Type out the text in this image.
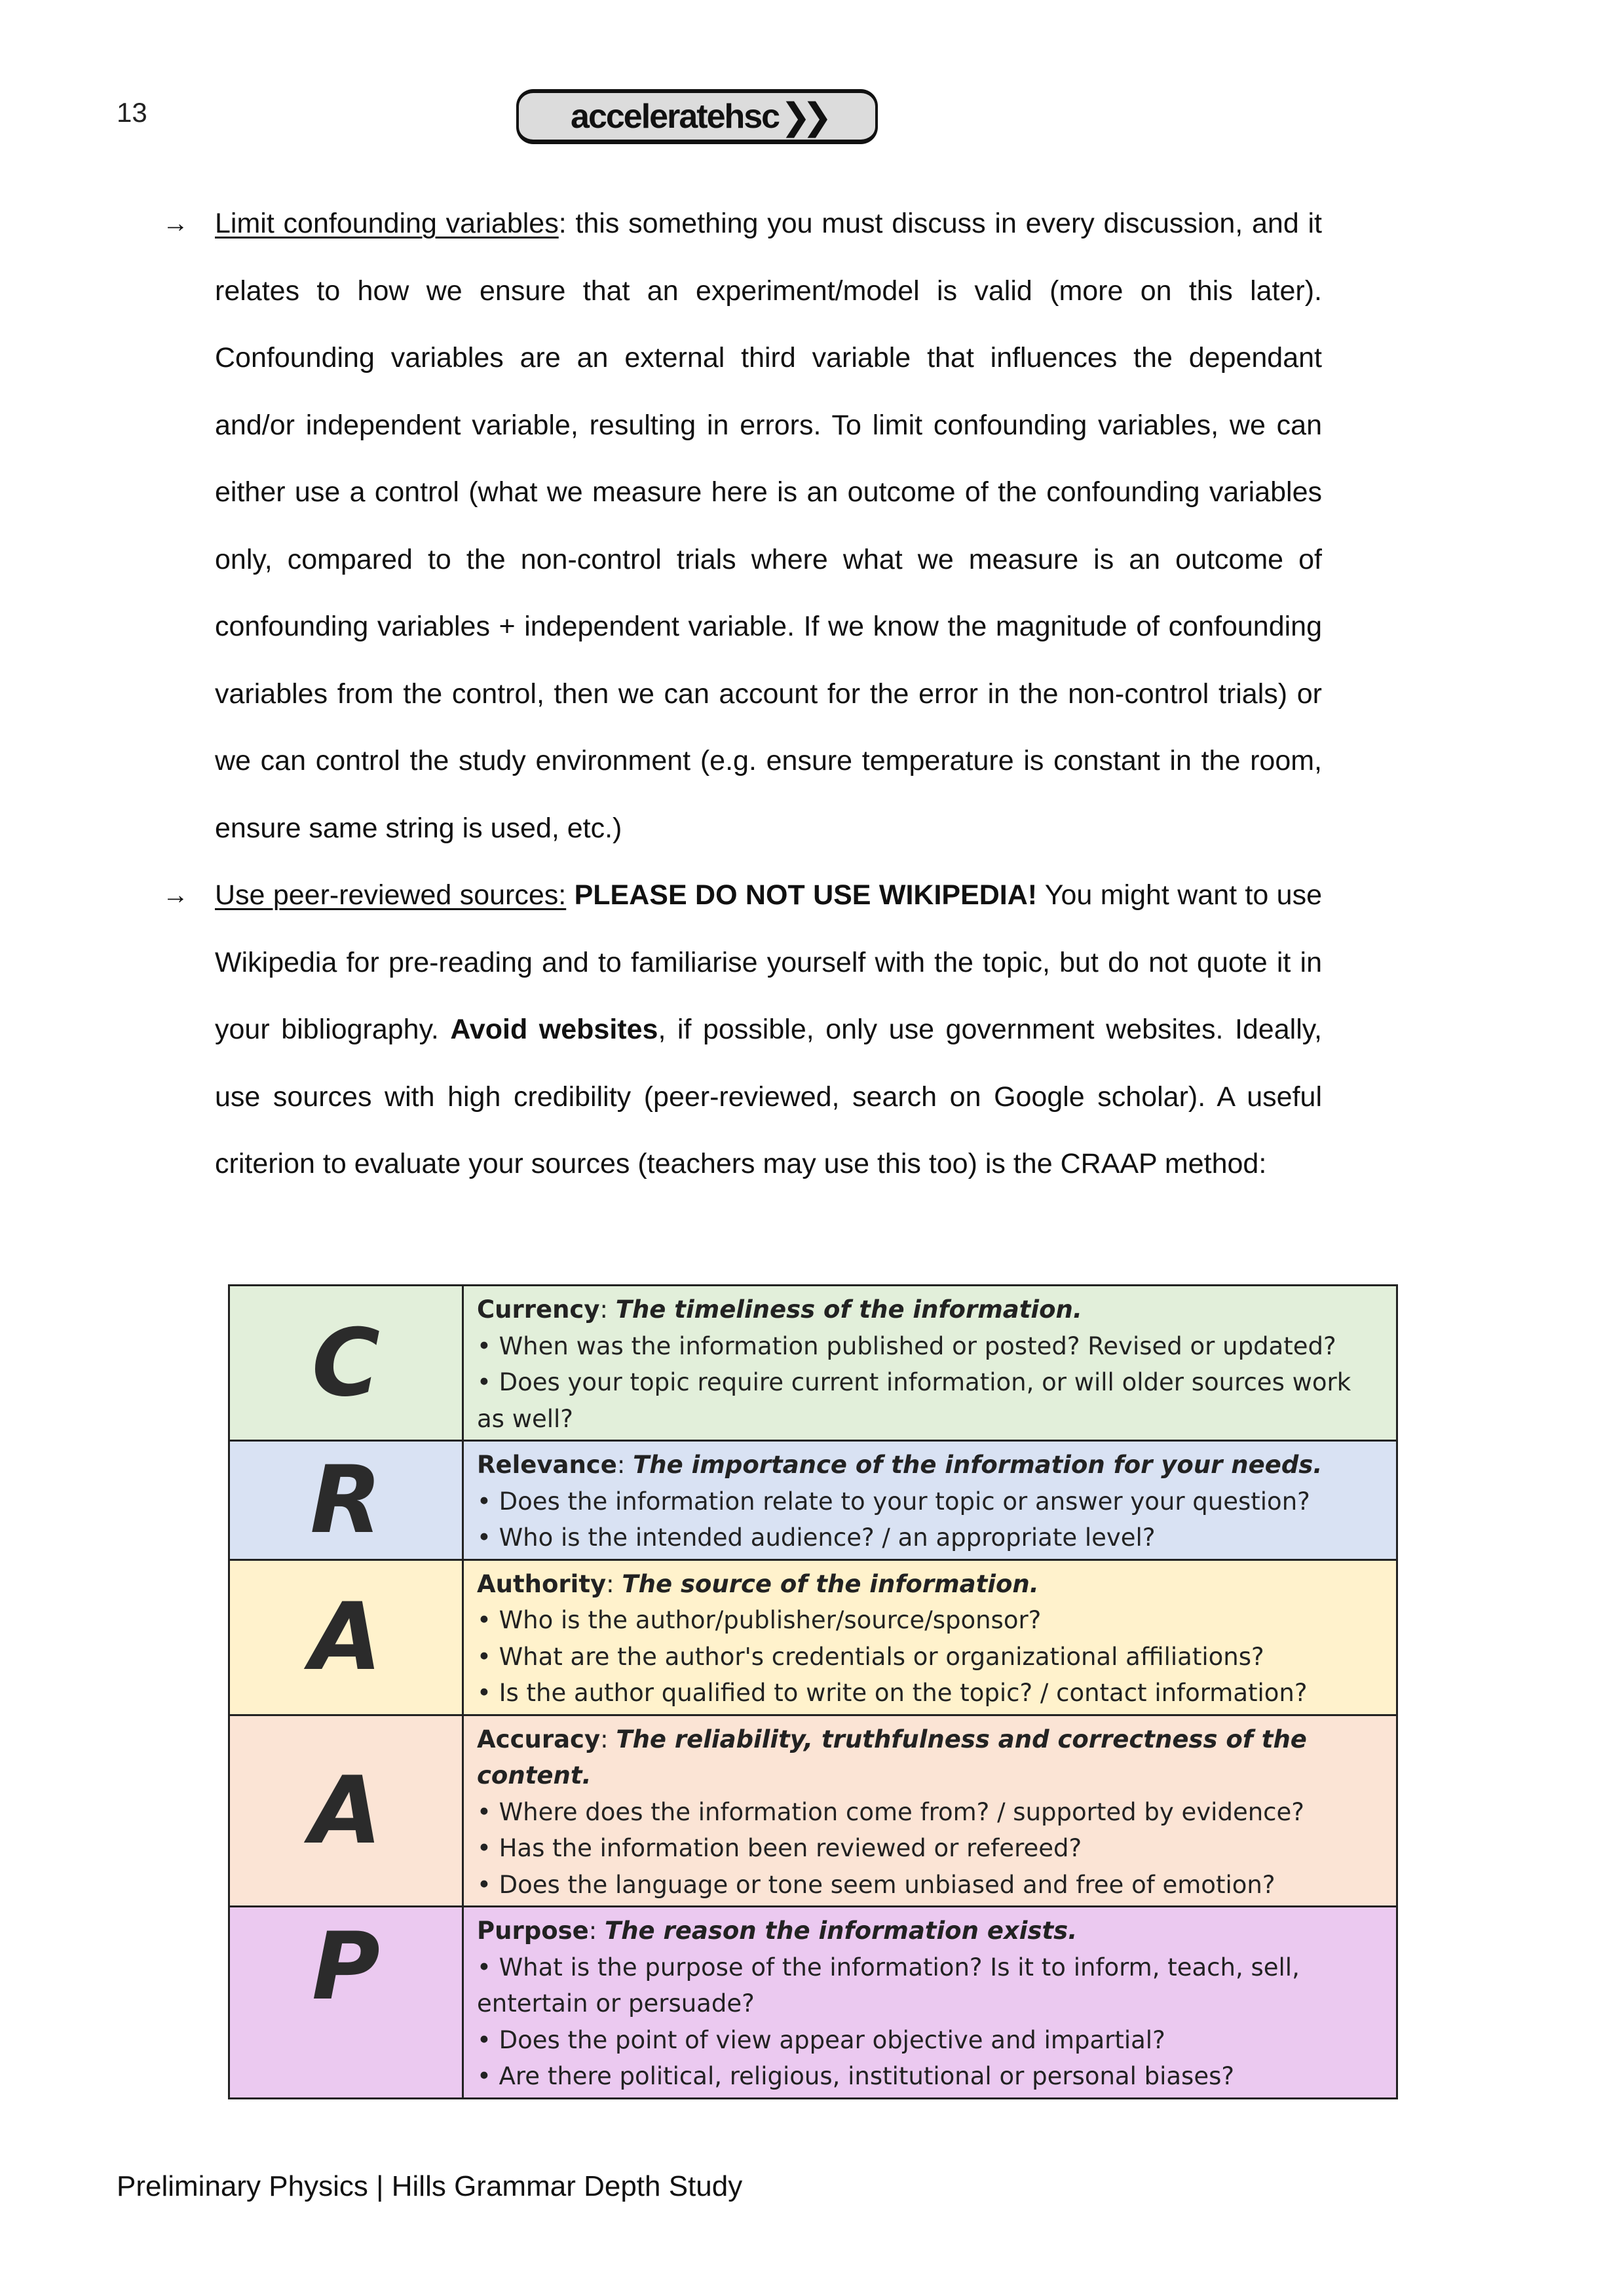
13	acceleratehsc ❯❯

→ Limit confounding variables: this something you must discuss in every discussion, and it relates to how we ensure that an experiment/model is valid (more on this later). Confounding variables are an external third variable that influences the dependant and/or independent variable, resulting in errors. To limit confounding variables, we can either use a control (what we measure here is an outcome of the confounding variables only, compared to the non-control trials where what we measure is an outcome of confounding variables + independent variable. If we know the magnitude of confounding variables from the control, then we can account for the error in the non-control trials) or we can control the study environment (e.g. ensure temperature is constant in the room, ensure same string is used, etc.)

→ Use peer-reviewed sources: PLEASE DO NOT USE WIKIPEDIA! You might want to use Wikipedia for pre-reading and to familiarise yourself with the topic, but do not quote it in your bibliography. Avoid websites, if possible, only use government websites. Ideally, use sources with high credibility (peer-reviewed, search on Google scholar). A useful criterion to evaluate your sources (teachers may use this too) is the CRAAP method:

C	Currency: The timeliness of the information.
• When was the information published or posted? Revised or updated?
• Does your topic require current information, or will older sources work as well?

R	Relevance: The importance of the information for your needs.
• Does the information relate to your topic or answer your question?
• Who is the intended audience? / an appropriate level?

A	Authority: The source of the information.
• Who is the author/publisher/source/sponsor?
• What are the author's credentials or organizational affiliations?
• Is the author qualified to write on the topic? / contact information?

A	Accuracy: The reliability, truthfulness and correctness of the content.
• Where does the information come from? / supported by evidence?
• Has the information been reviewed or refereed?
• Does the language or tone seem unbiased and free of emotion?

P	Purpose: The reason the information exists.
• What is the purpose of the information? Is it to inform, teach, sell, entertain or persuade?
• Does the point of view appear objective and impartial?
• Are there political, religious, institutional or personal biases?
Preliminary Physics | Hills Grammar Depth Study
